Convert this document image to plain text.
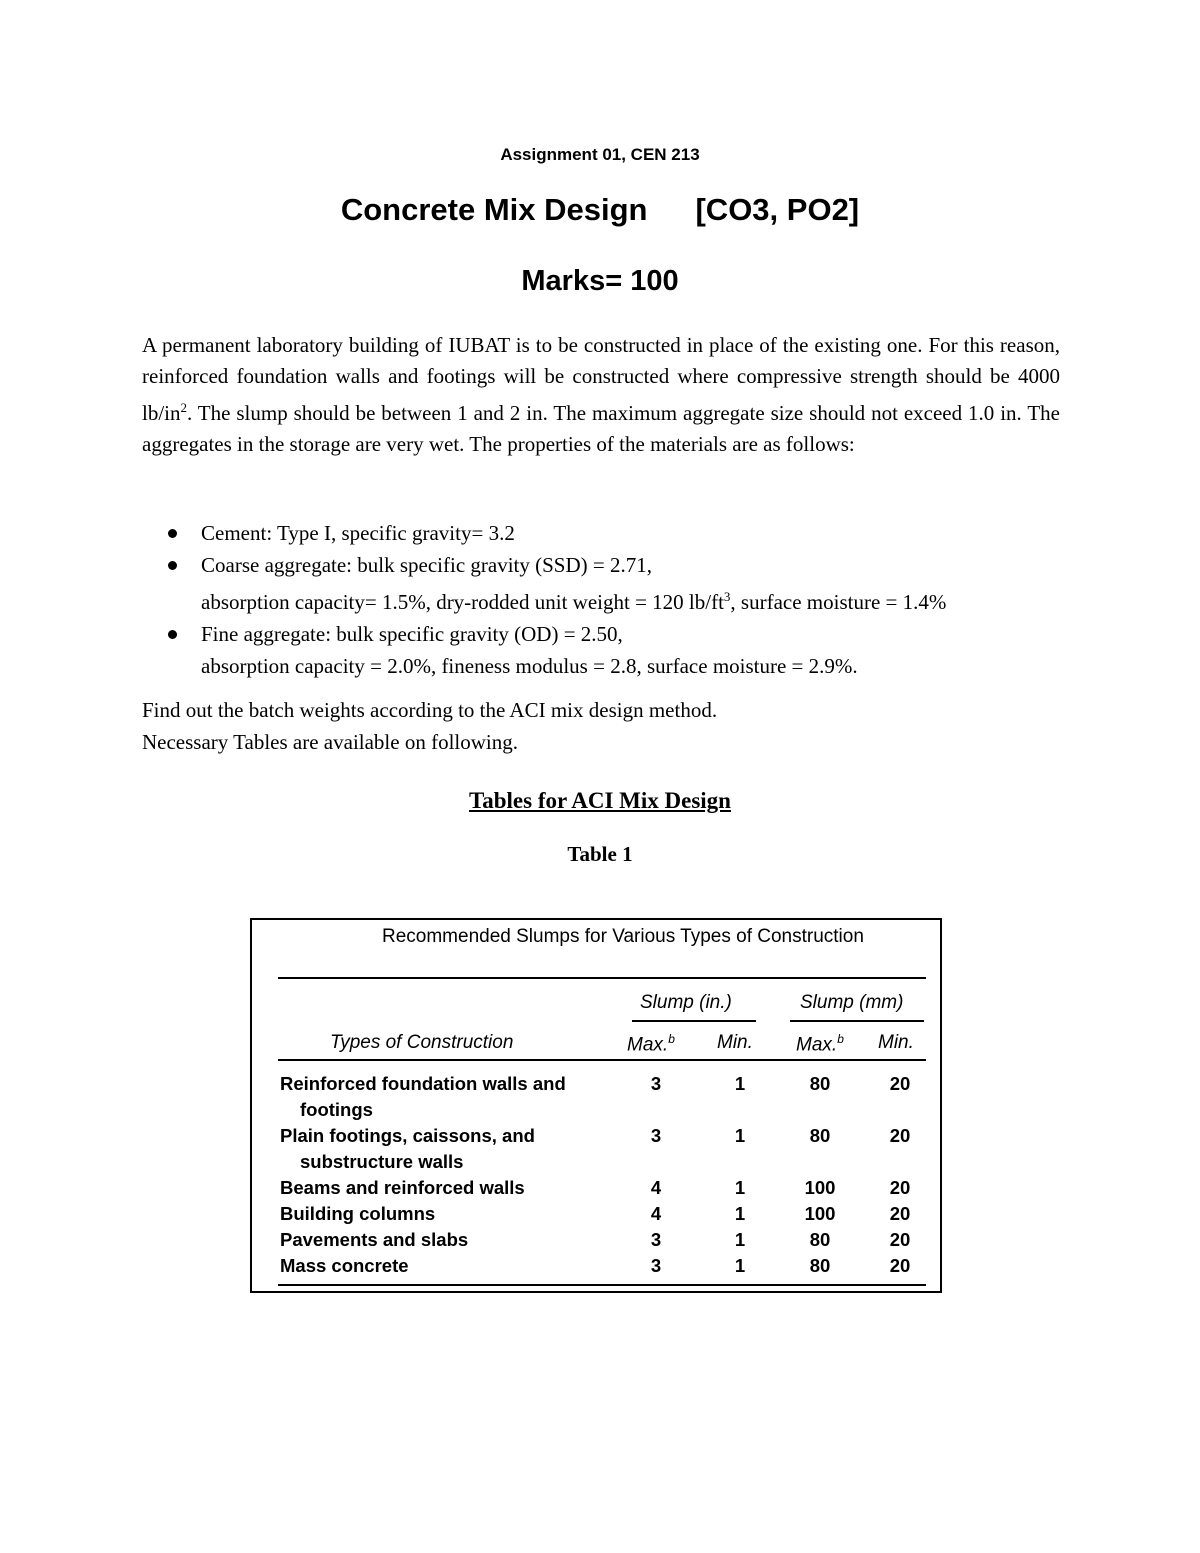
Assignment 01, CEN 213
Concrete Mix Design [CO3, PO2]
Marks= 100
A permanent laboratory building of IUBAT is to be constructed in place of the existing one. For this reason, reinforced foundation walls and footings will be constructed where compressive strength should be 4000 $lb/in^2$. The slump should be between 1 and 2 in. The maximum aggregate size should not exceed 1.0 in. The aggregates in the storage are very wet. The properties of the materials are as follows:
Cement: Type I, specific gravity= 3.2
Coarse aggregate: bulk specific gravity (SSD) = 2.71,
absorption capacity= 1.5%, dry-rodded unit weight = 120 $lb/ft^3$, surface moisture = 1.4%
Fine aggregate: bulk specific gravity (OD) = 2.50,
absorption capacity = 2.0%, fineness modulus = 2.8, surface moisture = 2.9%.
Find out the batch weights according to the ACI mix design method.
Necessary Tables are available on following.
Tables for ACI Mix Design
Table 1
Recommended Slumps for Various Types of Construction
Slump (in.)	Slump (mm)
Types of Construction	Max.$^b$ Min. Max.$^b$ Min.
Reinforced foundation walls and
footings
3	1	80	20
Plain footings, caissons, and
substructure walls
3	1	80	20
Beams and reinforced walls	4	1	100	20
Building columns	4	1	100	20
Pavements and slabs	3	1	80	20
Mass concrete	3	1	80	20
